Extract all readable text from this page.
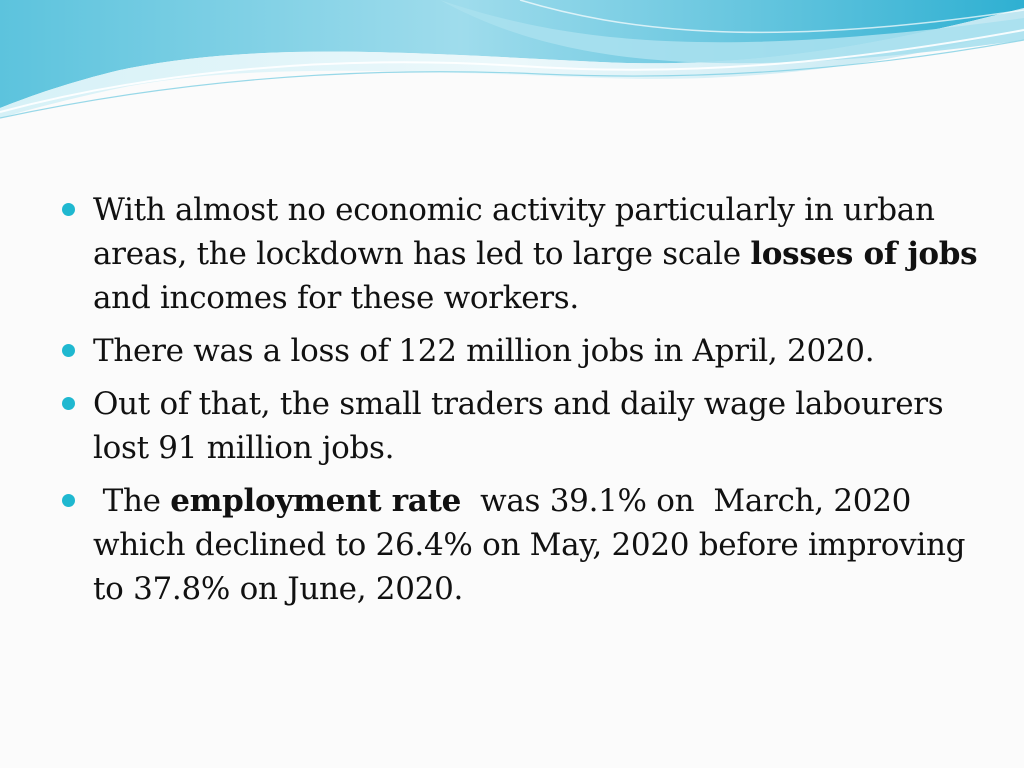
With almost no economic activity particularly in urban areas, the lockdown has led to large scale losses of jobs and incomes for these workers.
There was a loss of 122 million jobs in April, 2020.
Out of that, the small traders and daily wage labourers lost 91 million jobs.
The employment rate  was 39.1% on  March, 2020 which declined to 26.4% on May, 2020 before improving to 37.8% on June, 2020.
